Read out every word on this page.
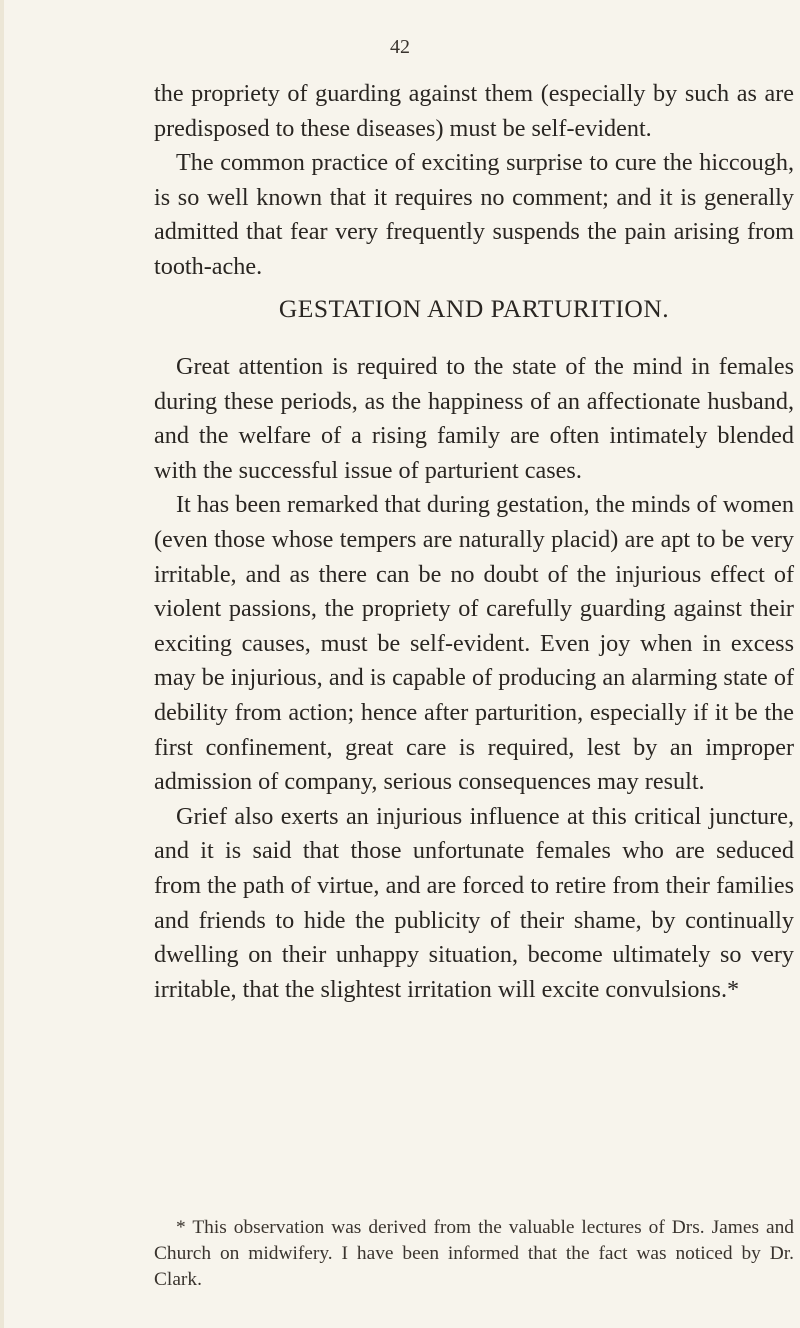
42

the propriety of guarding against them (especially by such as are predisposed to these diseases) must be self-evident.

The common practice of exciting surprise to cure the hiccough, is so well known that it requires no comment; and it is generally admitted that fear very frequently suspends the pain arising from tooth-ache.

GESTATION AND PARTURITION.

Great attention is required to the state of the mind in females during these periods, as the happiness of an affectionate husband, and the welfare of a rising family are often intimately blended with the successful issue of parturient cases.

It has been remarked that during gestation, the minds of women (even those whose tempers are naturally placid) are apt to be very irritable, and as there can be no doubt of the injurious effect of violent passions, the propriety of carefully guarding against their exciting causes, must be self-evident. Even joy when in excess may be injurious, and is capable of producing an alarming state of debility from action; hence after parturition, especially if it be the first confinement, great care is required, lest by an improper admission of company, serious consequences may result.

Grief also exerts an injurious influence at this critical juncture, and it is said that those unfortunate females who are seduced from the path of virtue, and are forced to retire from their families and friends to hide the publicity of their shame, by continually dwelling on their unhappy situation, become ultimately so very irritable, that the slightest irritation will excite convulsions.*

* This observation was derived from the valuable lectures of Drs. James and Church on midwifery. I have been informed that the fact was noticed by Dr. Clark.
